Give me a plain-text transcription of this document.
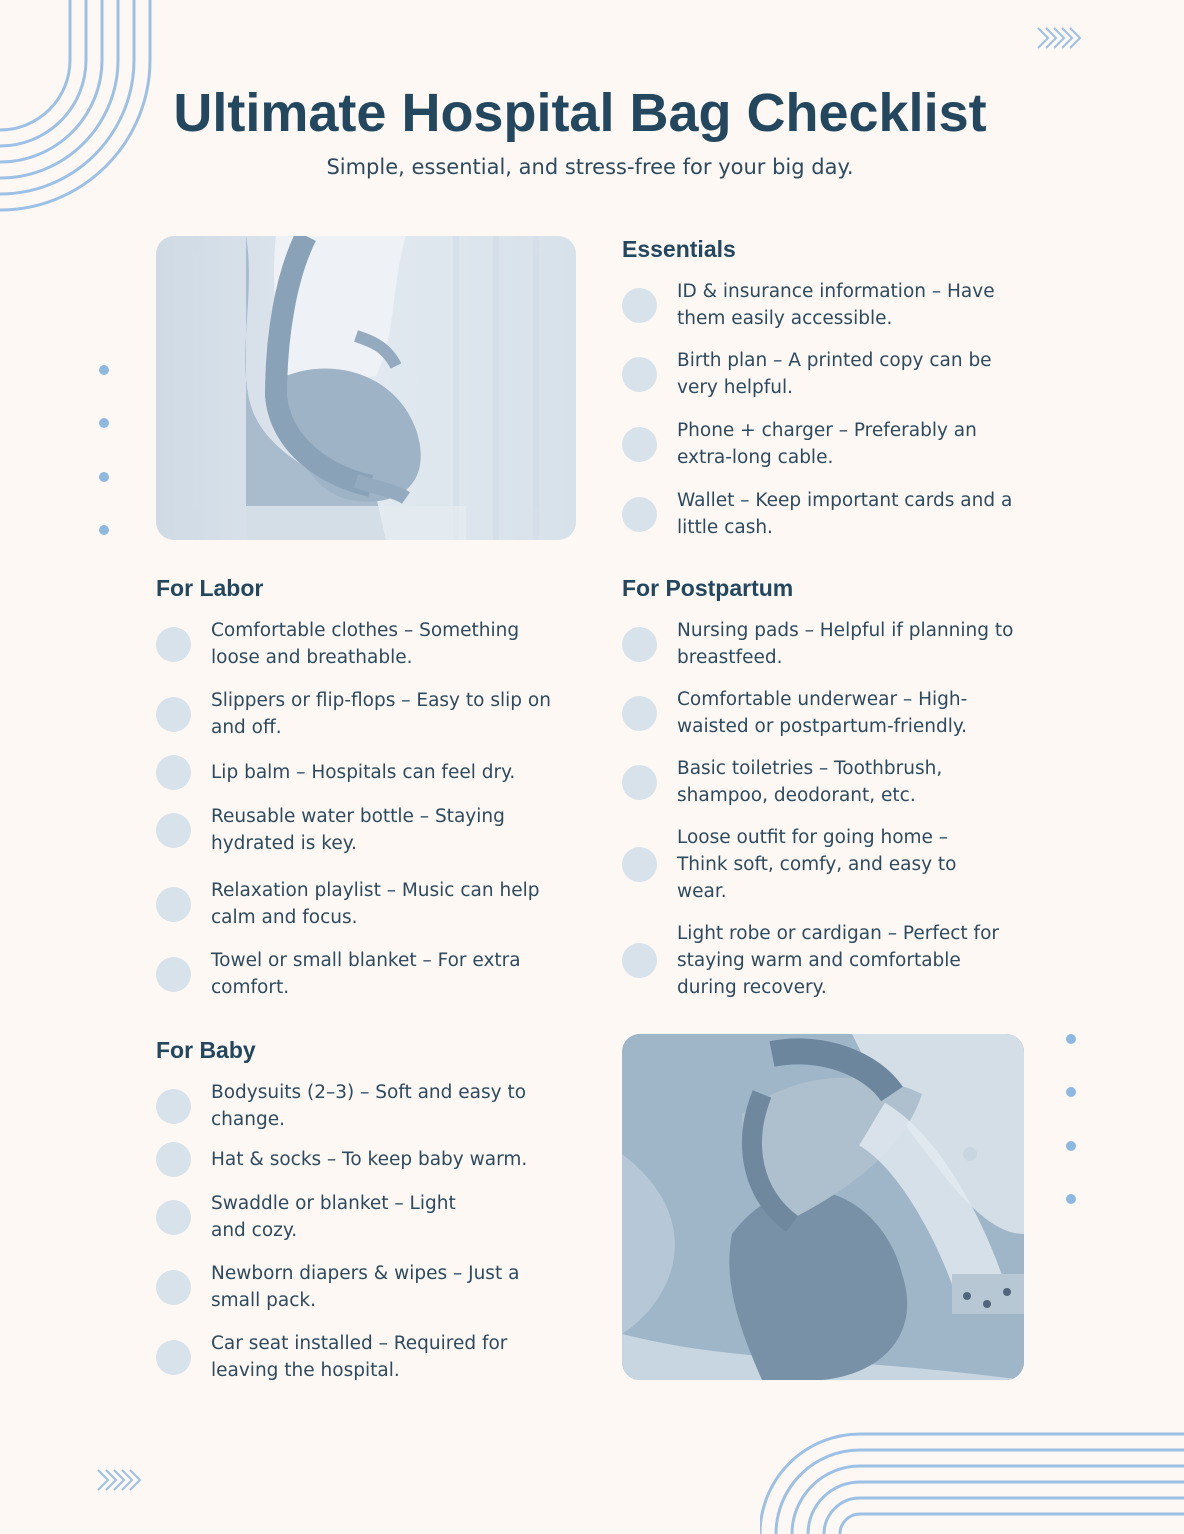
Ultimate Hospital Bag Checklist

Simple, essential, and stress-free for your big day.

Essentials
ID & insurance information – Have them easily accessible.
Birth plan – A printed copy can be very helpful.
Phone + charger – Preferably an extra-long cable.
Wallet – Keep important cards and a little cash.
For Labor
Comfortable clothes – Something loose and breathable.
Slippers or flip-flops – Easy to slip on and off.
Lip balm – Hospitals can feel dry.
Reusable water bottle – Staying hydrated is key.
Relaxation playlist – Music can help calm and focus.
Towel or small blanket – For extra comfort.
For Postpartum
Nursing pads – Helpful if planning to breastfeed.
Comfortable underwear – High-waisted or postpartum-friendly.
Basic toiletries – Toothbrush, shampoo, deodorant, etc.
Loose outfit for going home – Think soft, comfy, and easy to wear.
Light robe or cardigan – Perfect for staying warm and comfortable during recovery.
For Baby
Bodysuits (2–3) – Soft and easy to change.
Hat & socks – To keep baby warm.
Swaddle or blanket – Light and cozy.
Newborn diapers & wipes – Just a small pack.
Car seat installed – Required for leaving the hospital.
